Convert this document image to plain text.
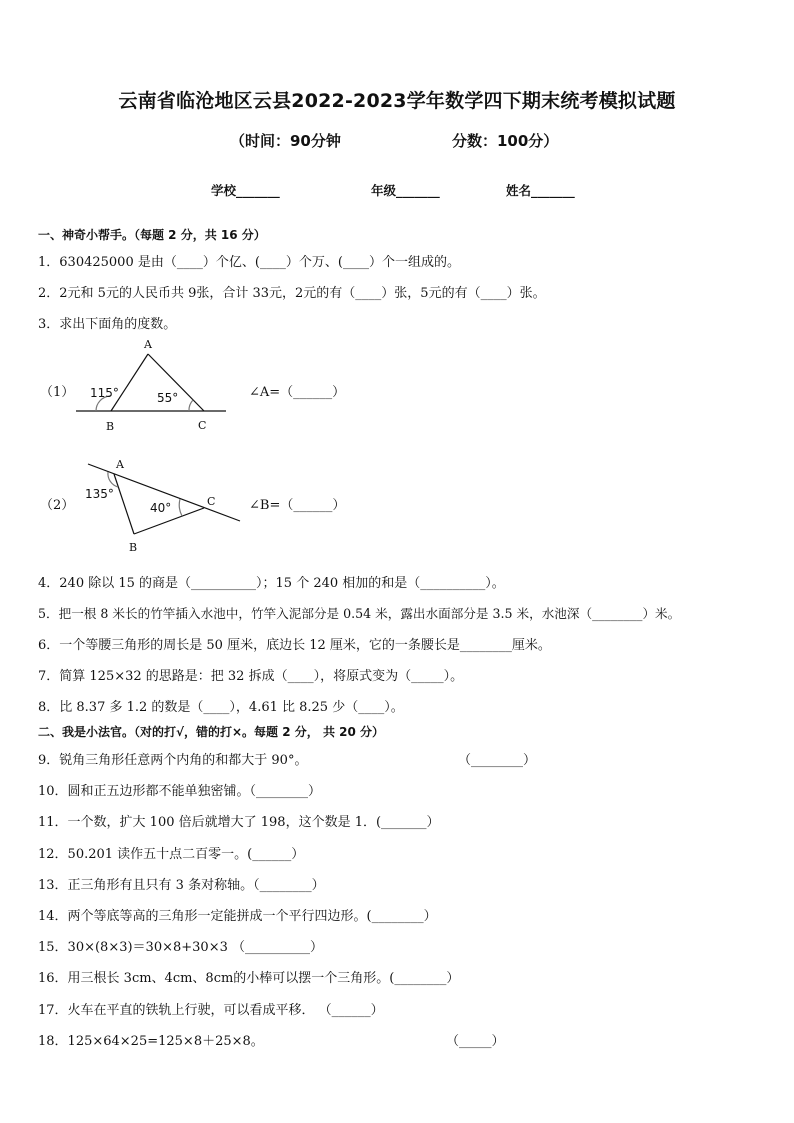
云南省临沧地区云县2022-2023学年数学四下期末统考模拟试题
（时间：90分钟	分数：100分）
学校_______	年级_______	姓名_______
一、神奇小帮手。（每题 2 分，共 16 分）
1．630425000 是由（____）个亿、(____）个万、(____）个一组成的。
2．2元和 5元的人民币共 9张，合计 33元，2元的有（____）张，5元的有（____）张。
3．求出下面角的度数。
（1）
A
B	C
115°	55°	∠A=（______）
（2）
A
B
C
135°
40°	∠B=（______）
4．240 除以 15 的商是（__________）；15 个 240 相加的和是（__________）。
5．把一根 8 米长的竹竿插入水池中，竹竿入泥部分是 0.54 米，露出水面部分是 3.5 米，水池深（________）米。
6．一个等腰三角形的周长是 50 厘米，底边长 12 厘米，它的一条腰长是________厘米。
7．简算 125×32 的思路是：把 32 拆成（____），将原式变为（_____）。
8．比 8.37 多 1.2 的数是（____），4.61 比 8.25 少（____）。
二、我是小法官。（对的打√，错的打×。每题 2 分， 共 20 分）
9．锐角三角形任意两个内角的和都大于 90°。	（________）
10．圆和正五边形都不能单独密铺。（________）
11．一个数，扩大 100 倍后就增大了 198，这个数是 1．(_______）
12．50.201 读作五十点二百零一。(______）
13．正三角形有且只有 3 条对称轴。（________）
14．两个等底等高的三角形一定能拼成一个平行四边形。(________）
15．30×(8×3)＝30×8+30×3 （__________）
16．用三根长 3cm、4cm、8cm的小棒可以摆一个三角形。(________）
17．火车在平直的铁轨上行驶，可以看成平移． （______）
18．125×64×25=125×8＋25×8。	（_____）
